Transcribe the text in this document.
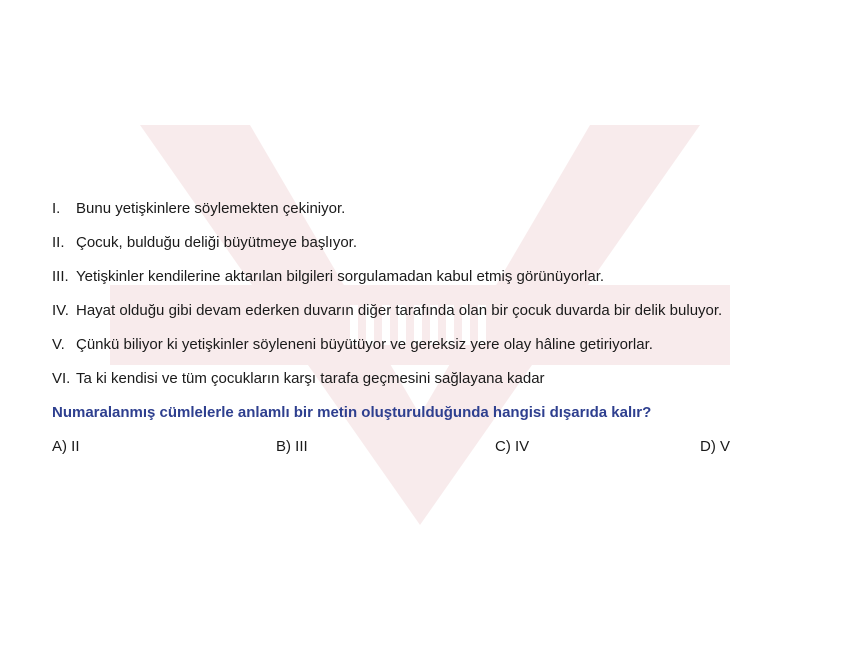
I.	Bunu yetişkinlere söylemekten çekiniyor.
II. Çocuk, bulduğu deliği büyütmeye başlıyor.
III. Yetişkinler kendilerine aktarılan bilgileri sorgulamadan kabul etmiş görünüyorlar.
IV. Hayat olduğu gibi devam ederken duvarın diğer tarafında olan bir çocuk duvarda bir delik buluyor.
V. Çünkü biliyor ki yetişkinler söyleneni büyütüyor ve gereksiz yere olay hâline getiriyorlar.
VI. Ta ki kendisi ve tüm çocukların karşı tarafa geçmesini sağlayana kadar
Numaralanmış cümlelerle anlamlı bir metin oluşturulduğunda hangisi dışarıda kalır?
A) II	B) III	C) IV	D) V
